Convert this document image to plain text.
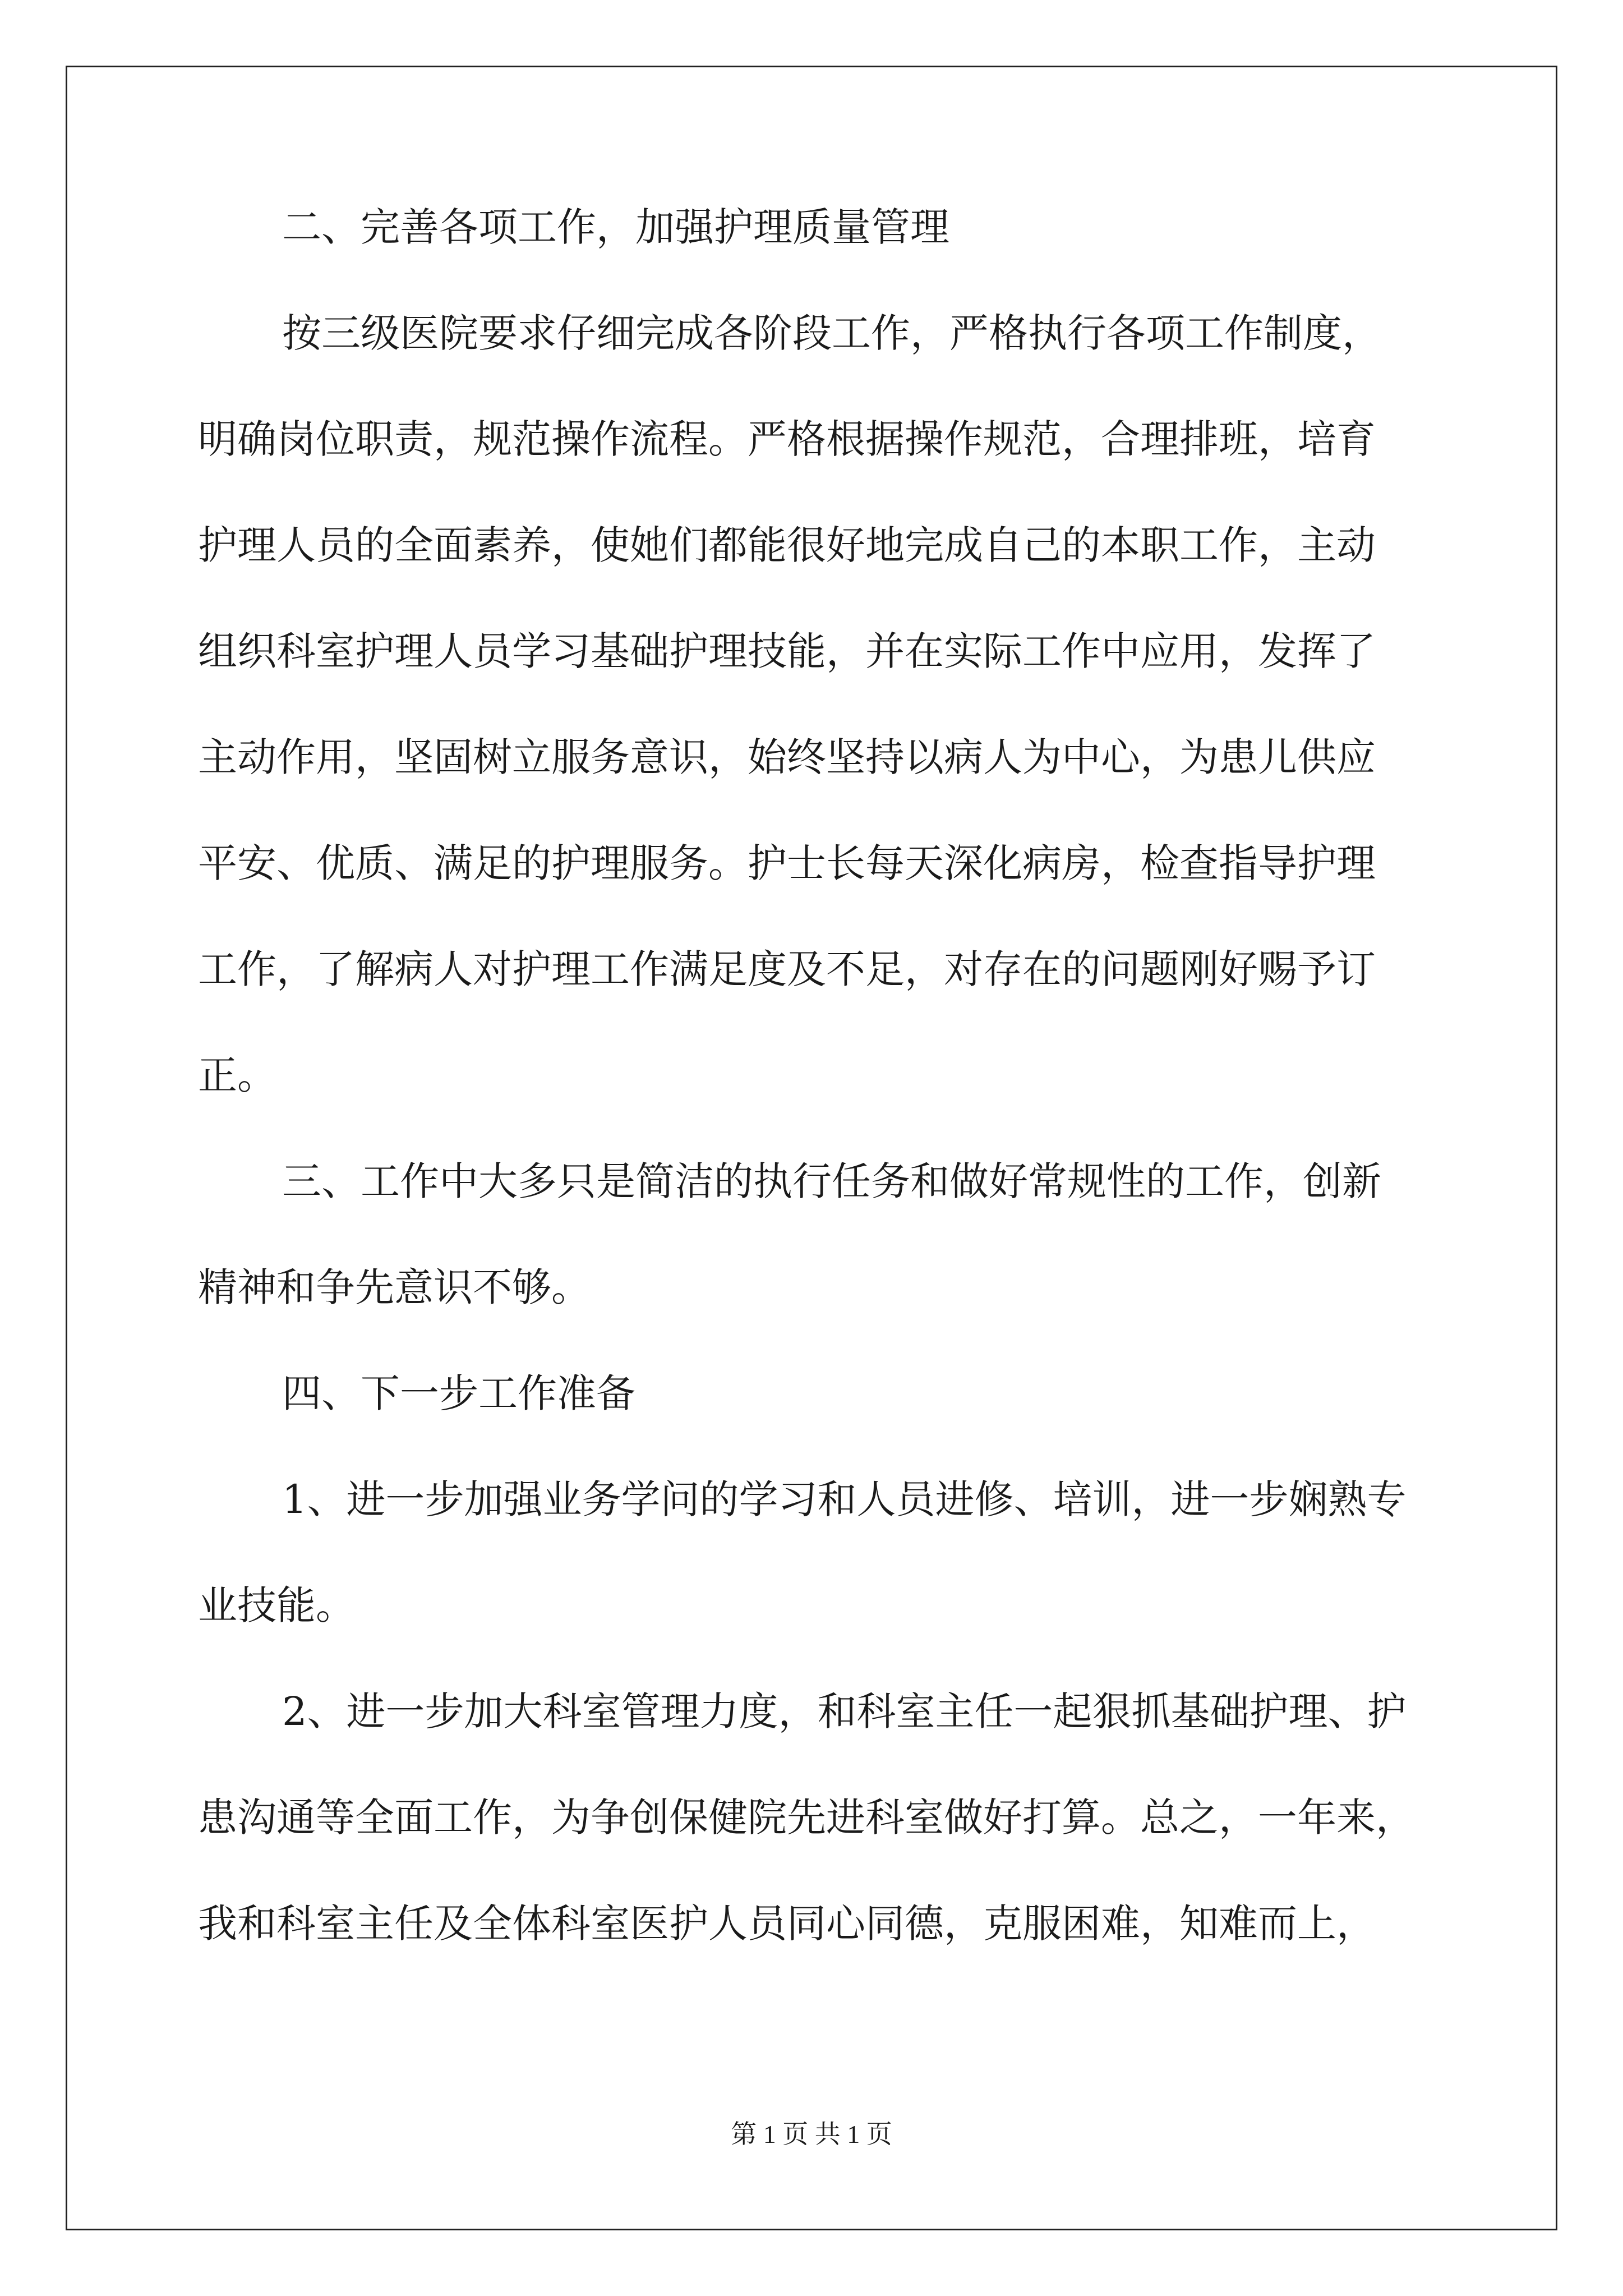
二、完善各项工作，加强护理质量管理
按三级医院要求仔细完成各阶段工作，严格执行各项工作制度，
明确岗位职责，规范操作流程。严格根据操作规范，合理排班，培育
护理人员的全面素养，使她们都能很好地完成自己的本职工作，主动
组织科室护理人员学习基础护理技能，并在实际工作中应用，发挥了
主动作用，坚固树立服务意识，始终坚持以病人为中心，为患儿供应
平安、优质、满足的护理服务。护士长每天深化病房，检查指导护理
工作，了解病人对护理工作满足度及不足，对存在的问题刚好赐予订
正。
三、工作中大多只是简洁的执行任务和做好常规性的工作，创新
精神和争先意识不够。
四、下一步工作准备
1、进一步加强业务学问的学习和人员进修、培训，进一步娴熟专
业技能。
2、进一步加大科室管理力度，和科室主任一起狠抓基础护理、护
患沟通等全面工作，为争创保健院先进科室做好打算。总之，一年来，
我和科室主任及全体科室医护人员同心同德，克服困难，知难而上，
第 1 页 共 1 页
